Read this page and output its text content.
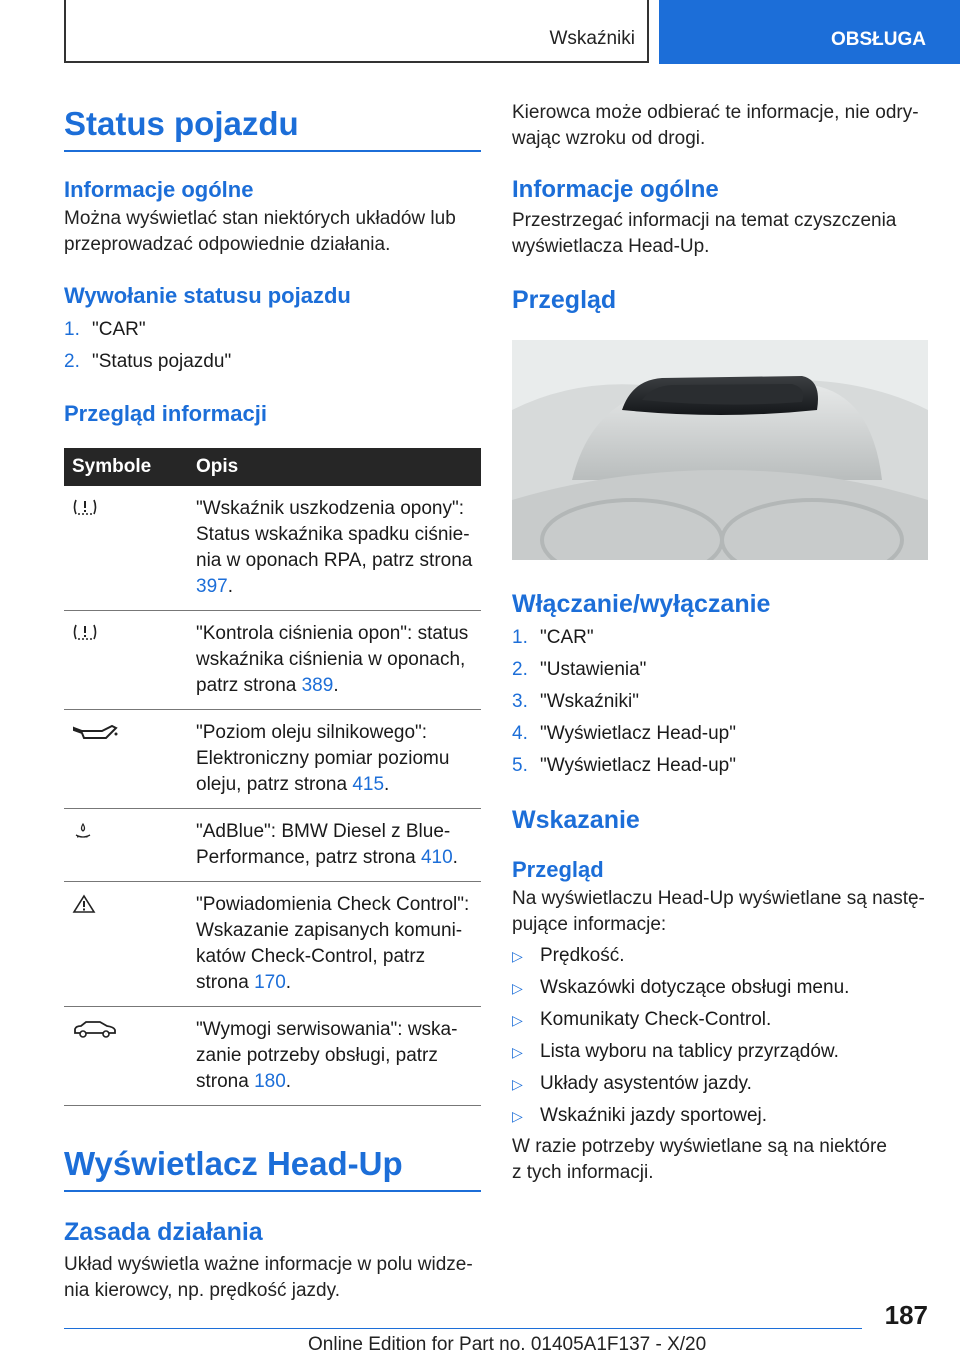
Wskaźniki	OBSŁUGA
Status pojazdu
Informacje ogólne

Można wyświetlać stan niektórych układów lub przeprowadzać odpowiednie działania.

Wywołanie statusu pojazdu
1. "CAR"
2. "Status pojazdu"
Przegląd informacji
Symbole	Opis
	"Wskaźnik uszkodzenia opony": Status wskaźnika spadku ciśnie-nia w oponach RPA, patrz strona 397.
	"Kontrola ciśnienia opon": status wskaźnika ciśnienia w oponach, patrz strona 389.
	"Poziom oleju silnikowego": Elektroniczny pomiar poziomu oleju, patrz strona 415.
	"AdBlue": BMW Diesel z Blue-Performance, patrz strona 410.
	"Powiadomienia Check Control": Wskazanie zapisanych komuni-katów Check-Control, patrz strona 170.
	"Wymogi serwisowania": wska-zanie potrzeby obsługi, patrz strona 180.
Wyświetlacz Head-Up
Zasada działania

Układ wyświetla ważne informacje w polu widze-nia kierowcy, np. prędkość jazdy.

Kierowca może odbierać te informacje, nie odry-wając wzroku od drogi.

Informacje ogólne

Przestrzegać informacji na temat czyszczenia wyświetlacza Head-Up.

Przegląd
Włączanie/wyłączanie
1. "CAR"
2. "Ustawienia"
3. "Wskaźniki"
4. "Wyświetlacz Head-up"
5. "Wyświetlacz Head-up"
Wskazanie
Przegląd

Na wyświetlaczu Head-Up wyświetlane są nastę-pujące informacje:

▷ Prędkość.
▷ Wskazówki dotyczące obsługi menu.
▷ Komunikaty Check-Control.
▷ Lista wyboru na tablicy przyrządów.
▷ Układy asystentów jazdy.
▷ Wskaźniki jazdy sportowej.

W razie potrzeby wyświetlane są na niektóre z tych informacji.

187
Online Edition for Part no. 01405A1F137 - X/20
